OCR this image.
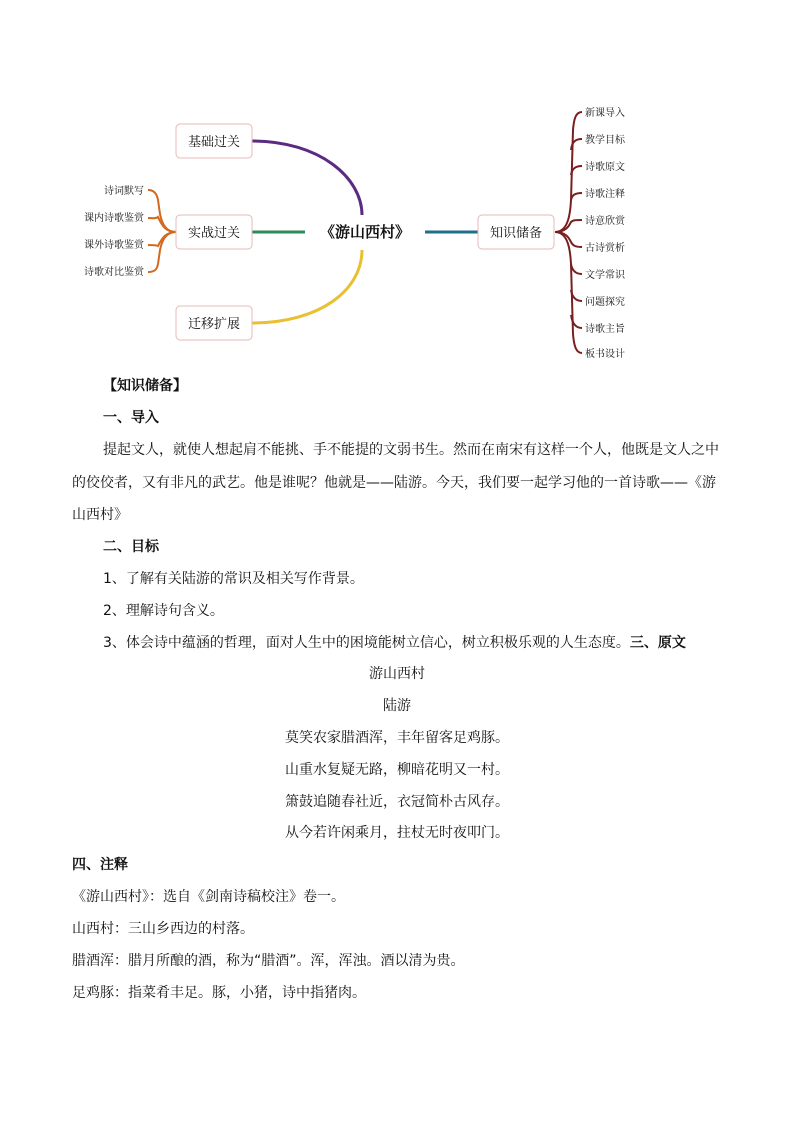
基础过关
实战过关
迁移扩展
《游山西村》	知识储备
诗词默写
课内诗歌鉴赏
课外诗歌鉴赏
诗歌对比鉴赏
新课导入
教学目标
诗歌原文
诗歌注释
诗意欣赏
古诗赏析
文学常识
问题探究
诗歌主旨
板书设计
【知识储备】
一、导入
提起文人，就使人想起肩不能挑、手不能提的文弱书生。然而在南宋有这样一个人，他既是文人之中
的佼佼者，又有非凡的武艺。他是谁呢？他就是——陆游。今天，我们要一起学习他的一首诗歌——《游
山西村》
二、目标
1、了解有关陆游的常识及相关写作背景。
2、理解诗句含义。
3、体会诗中蕴涵的哲理，面对人生中的困境能树立信心，树立积极乐观的人生态度。三、原文
游山西村
陆游
莫笑农家腊酒浑，丰年留客足鸡豚。
山重水复疑无路，柳暗花明又一村。
箫鼓追随春社近，衣冠简朴古风存。
从今若许闲乘月，拄杖无时夜叩门。
四、注释
《游山西村》：选自《剑南诗稿校注》卷一。
山西村：三山乡西边的村落。
腊酒浑：腊月所酿的酒，称为“腊酒”。浑，浑浊。酒以清为贵。
足鸡豚：指菜肴丰足。豚，小猪，诗中指猪肉。
